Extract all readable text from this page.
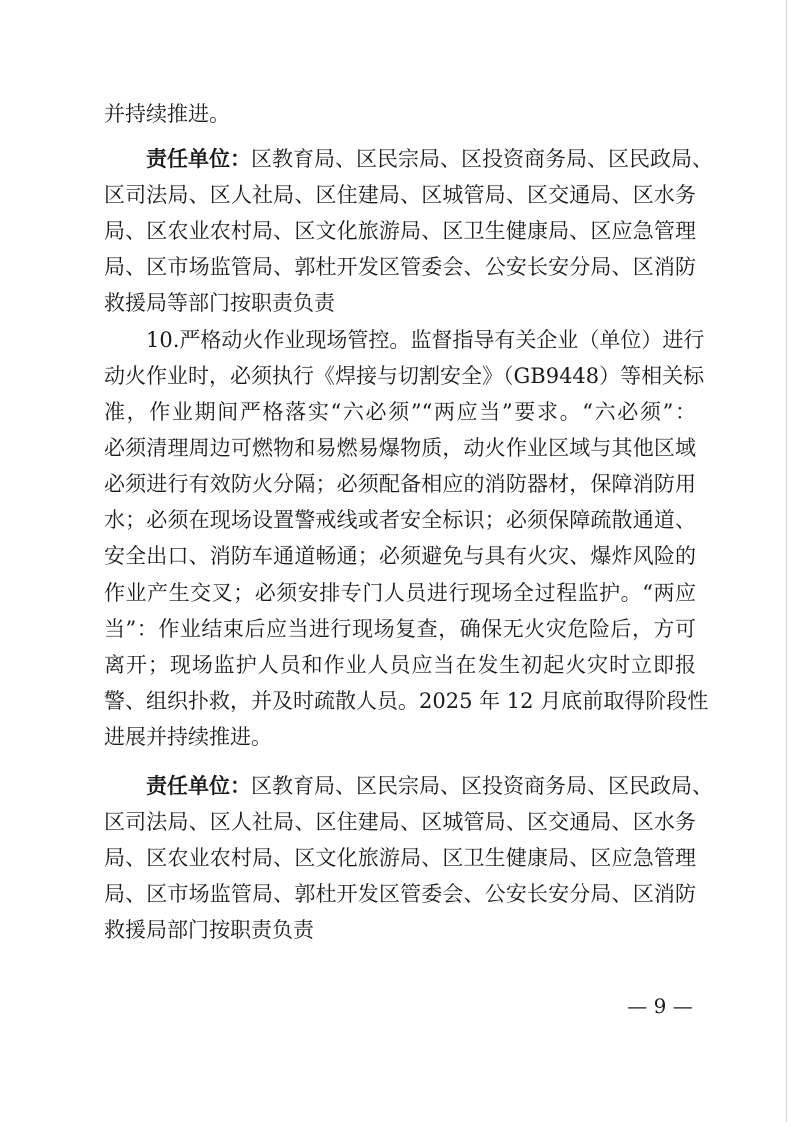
并持续推进。
责任单位：区教育局、区民宗局、区投资商务局、区民政局、
区司法局、区人社局、区住建局、区城管局、区交通局、区水务
局、区农业农村局、区文化旅游局、区卫生健康局、区应急管理
局、区市场监管局、郭杜开发区管委会、公安长安分局、区消防
救援局等部门按职责负责
10.严格动火作业现场管控。监督指导有关企业（单位）进行
动火作业时，必须执行《焊接与切割安全》（GB9448）等相关标
准，作业期间严格落实“六必须”“两应当”要求。“六必须”：
必须清理周边可燃物和易燃易爆物质，动火作业区域与其他区域
必须进行有效防火分隔；必须配备相应的消防器材，保障消防用
水；必须在现场设置警戒线或者安全标识；必须保障疏散通道、
安全出口、消防车通道畅通；必须避免与具有火灾、爆炸风险的
作业产生交叉；必须安排专门人员进行现场全过程监护。“两应
当”：作业结束后应当进行现场复查，确保无火灾危险后，方可
离开；现场监护人员和作业人员应当在发生初起火灾时立即报
警、组织扑救，并及时疏散人员。2025 年 12 月底前取得阶段性
进展并持续推进。
责任单位：区教育局、区民宗局、区投资商务局、区民政局、
区司法局、区人社局、区住建局、区城管局、区交通局、区水务
局、区农业农村局、区文化旅游局、区卫生健康局、区应急管理
局、区市场监管局、郭杜开发区管委会、公安长安分局、区消防
救援局部门按职责负责
— 9 —
